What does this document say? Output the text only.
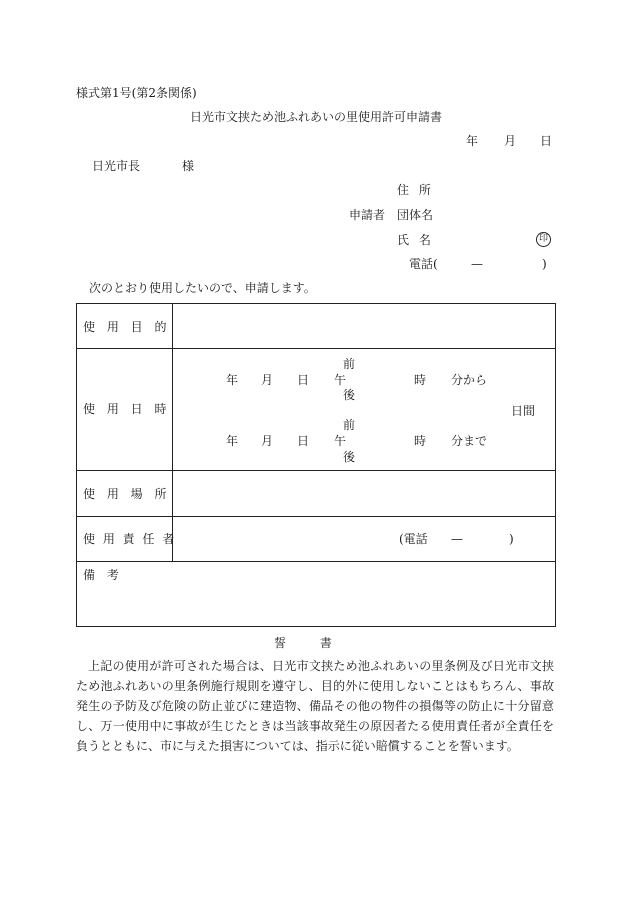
様式第1号(第2条関係)
日光市文挟ため池ふれあいの里使用許可申請書
年 月 日
日光市長	様
住 所
申請者 団体名
氏 名	印
電話(	—	)
次のとおり使用したいので、申請します。
使 用 目 的
使 用 日 時
前
年 月 日 午	時 分から
後
日間
前
年 月 日 午	時 分まで
後
使 用 場 所
使 用 責 任 者	(電話 —	)
備 考
誓 書
上記の使用が許可された場合は、日光市文挟ため池ふれあいの里条例及び日光市文挟ため池ふれあいの里条例施行規則を遵守し、目的外に使用しないことはもちろん、事故発生の予防及び危険の防止並びに建造物、備品その他の物件の損傷等の防止に十分留意し、万一使用中に事故が生じたときは当該事故発生の原因者たる使用責任者が全責任を負うとともに、市に与えた損害については、指示に従い賠償することを誓います。
